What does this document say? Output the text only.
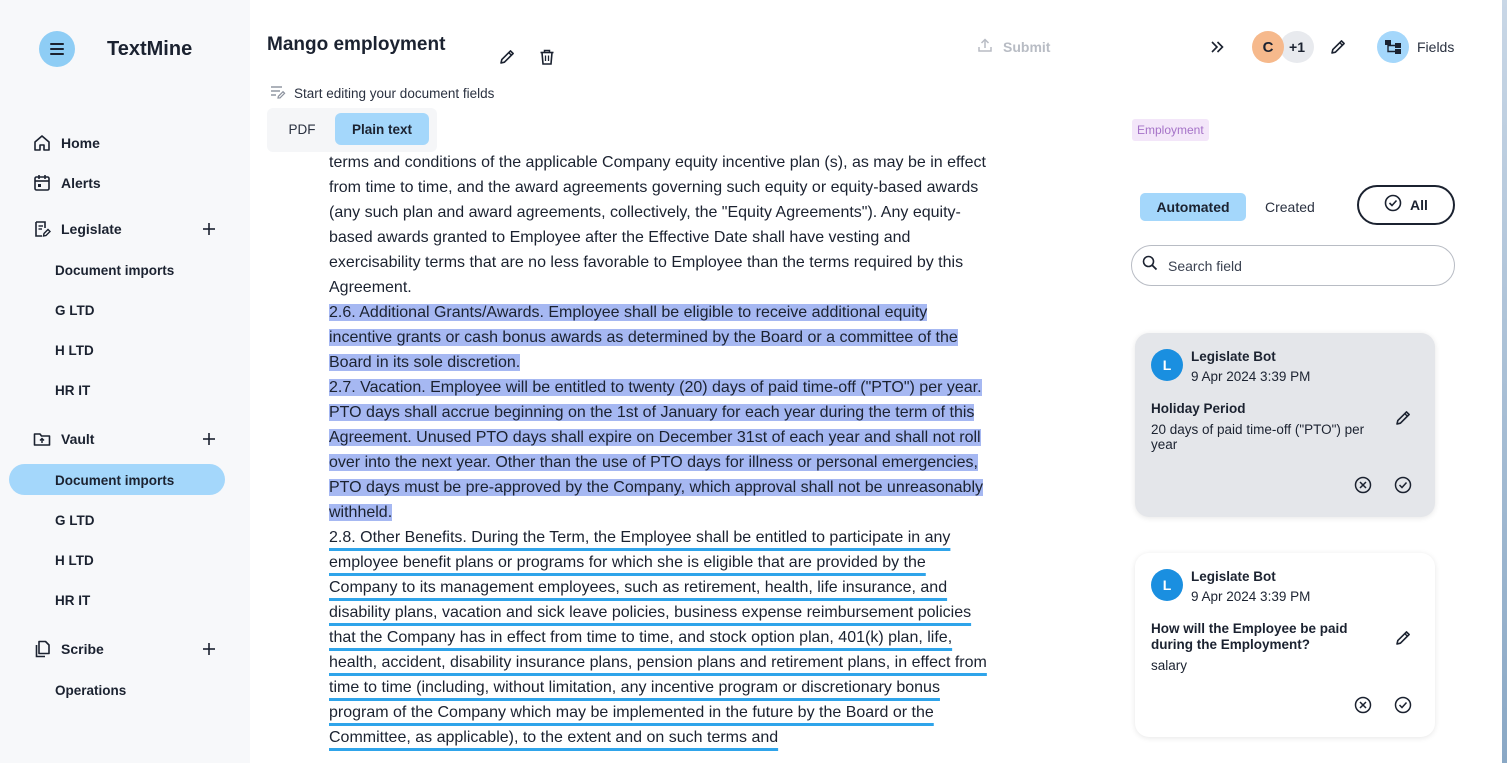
TextMine
Home
Alerts
Legislate
Document imports
G LTD
H LTD
HR IT
Vault
Document imports
G LTD
H LTD
HR IT
Scribe
Operations
Mango employment
Start editing your document fields
PDF	Plain text
Submit	+1
C	Fields

terms and conditions of the applicable Company equity incentive plan (s), as may be in effect from time to time, and the award agreements governing such equity or equity-based awards (any such plan and award agreements, collectively, the "Equity Agreements"). Any equity-based awards granted to Employee after the Effective Date shall have vesting and exercisability terms that are no less favorable to Employee than the terms required by this Agreement.

2.6. Additional Grants/Awards. Employee shall be eligible to receive additional equity incentive grants or cash bonus awards as determined by the Board or a committee of the Board in its sole discretion.

2.7. Vacation. Employee will be entitled to twenty (20) days of paid time-off ("PTO") per year. PTO days shall accrue beginning on the 1st of January for each year during the term of this Agreement. Unused PTO days shall expire on December 31st of each year and shall not roll over into the next year. Other than the use of PTO days for illness or personal emergencies, PTO days must be pre-approved by the Company, which approval shall not be unreasonably withheld.

2.8. Other Benefits. During the Term, the Employee shall be entitled to participate in any employee benefit plans or programs for which she is eligible that are provided by the Company to its management employees, such as retirement, health, life insurance, and disability plans, vacation and sick leave policies, business expense reimbursement policies that the Company has in effect from time to time, and stock option plan, 401(k) plan, life, health, accident, disability insurance plans, pension plans and retirement plans, in effect from time to time (including, without limitation, any incentive program or discretionary bonus program of the Company which may be implemented in the future by the Board or the Committee, as applicable), to the extent and on such terms and

Employment
Automated	Created	All
Search field
L
Legislate Bot
9 Apr 2024 3:39 PM
Holiday Period
20 days of paid time-off ("PTO") per year
L
Legislate Bot
9 Apr 2024 3:39 PM
How will the Employee be paid during the Employment?
salary
